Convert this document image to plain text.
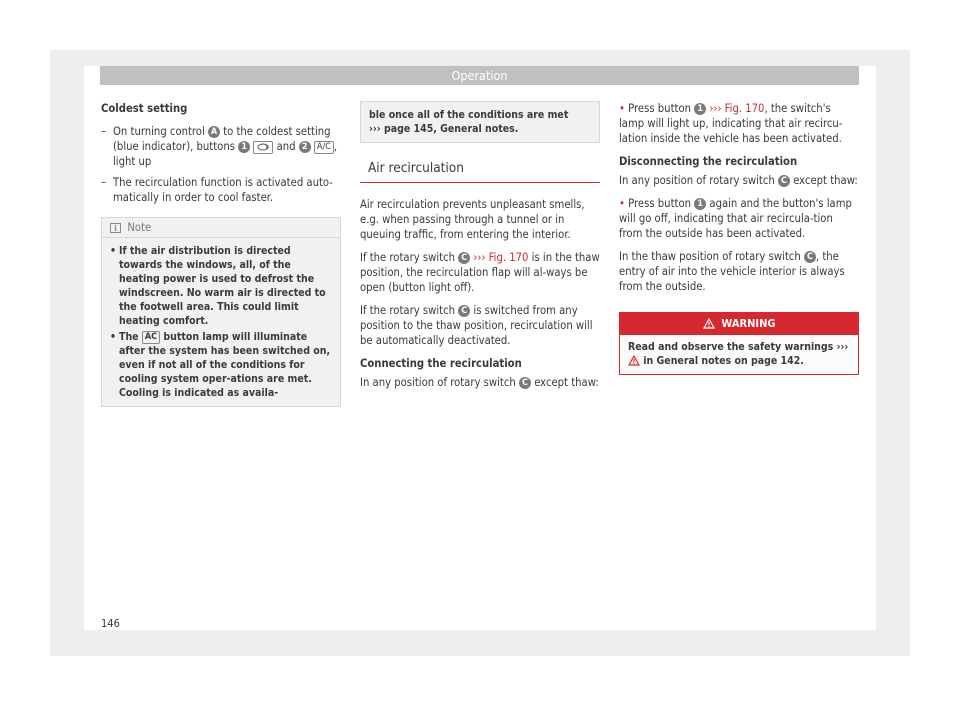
Operation

Coldest setting

– On turning control A to the coldest setting (blue indicator), buttons 1	and 2 A/C , light up
– The recirculation function is activated auto-matically in order to cool faster.
Note

• If the air distribution is directed towards the windows, all, of the heating power is used to defrost the windscreen. No warm air is directed to the footwell area. This could limit heating comfort.

• The AC button lamp will illuminate after the system has been switched on, even if not all of the conditions for cooling system oper-ations are met. Cooling is indicated as availa-

ble once all of the conditions are met
››› page 145, General notes.
Air recirculation

Air recirculation prevents unpleasant smells, e.g. when passing through a tunnel or in queuing traffic, from entering the interior.

If the rotary switch C ››› Fig. 170 is in the thaw position, the recirculation flap will al-ways be open (button light off).

If the rotary switch C is switched from any position to the thaw position, recirculation will be automatically deactivated.

Connecting the recirculation

In any position of rotary switch C except thaw:

• Press button 1 ››› Fig. 170, the switch's lamp will light up, indicating that air recircu-lation inside the vehicle has been activated.

Disconnecting the recirculation

In any position of rotary switch C except thaw:

• Press button 1 again and the button's lamp will go off, indicating that air recircula-tion from the outside has been activated.

In the thaw position of rotary switch C , the entry of air into the vehicle interior is always from the outside.

WARNING
Read and observe the safety warnings ›››  in General notes on page 142.
146
